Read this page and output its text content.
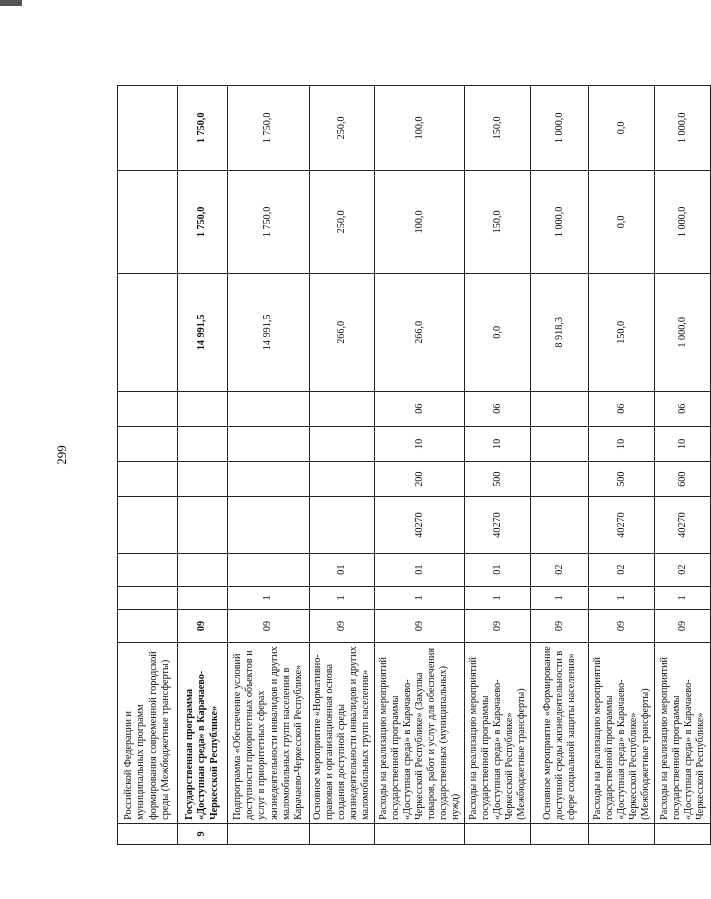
299
	Российской Федерации и муниципальных программ формирования современной городской среды (Межбюджетные трансферты)										
9	Государственная программа «Доступная среда» в Карачаево-Черкесской Республике»	09							14 991,5	1 750,0	1 750,0
	Подпрограмма «Обеспечение условий доступности приоритетных объектов и услуг в приоритетных сферах жизнедеятельности инвалидов и других маломобильных групп населения в Карачаево-Черкесской Республике»	09	1						14 991,5	1 750,0	1 750,0
	Основное мероприятие «Нормативно-правовая и организационная основа создания доступной среды жизнедеятельности инвалидов и других маломобильных групп населения»	09	1	01					266,0	250,0	250,0
	Расходы на реализацию мероприятий государственной программы «Доступная среда» в Карачаево-Черкесской Республике» (Закупка товаров, работ и услуг для обеспечения государственных (муниципальных) нужд)	09	1	01	40270	200	10	06	266,0	100,0	100,0
	Расходы на реализацию мероприятий государственной программы «Доступная среда» в Карачаево-Черкесской Республике» (Межбюджетные трансферты)	09	1	01	40270	500	10	06	0,0	150,0	150,0
	Основное мероприятие «Формирование доступной среды жизнедеятельности в сфере социальной защиты населения»	09	1	02					8 918,3	1 000,0	1 000,0
	Расходы на реализацию мероприятий государственной программы «Доступная среда» в Карачаево-Черкесской Республике» (Межбюджетные трансферты)	09	1	02	40270	500	10	06	150,0	0,0	0,0
	Расходы на реализацию мероприятий государственной программы «Доступная среда» в Карачаево-Черкесской Республике»	09	1	02	40270	600	10	06	1 000,0	1 000,0	1 000,0
